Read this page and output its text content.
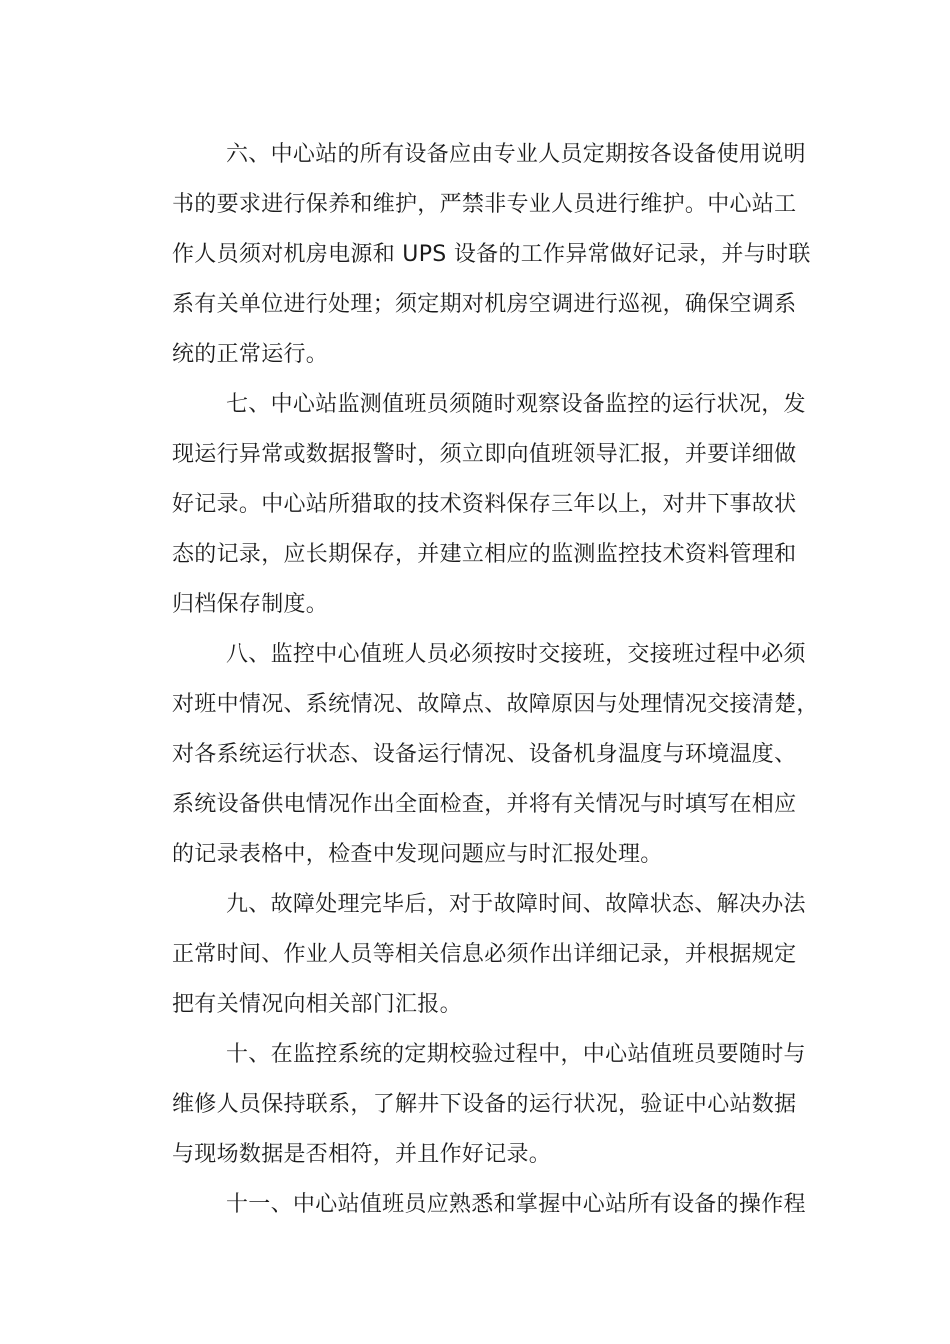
六、中心站的所有设备应由专业人员定期按各设备使用说明
书的要求进行保养和维护，严禁非专业人员进行维护。中心站工
作人员须对机房电源和 UPS 设备的工作异常做好记录，并与时联
系有关单位进行处理；须定期对机房空调进行巡视，确保空调系
统的正常运行。

七、中心站监测值班员须随时观察设备监控的运行状况，发
现运行异常或数据报警时，须立即向值班领导汇报，并要详细做
好记录。中心站所猎取的技术资料保存三年以上，对井下事故状
态的记录，应长期保存，并建立相应的监测监控技术资料管理和
归档保存制度。

八、监控中心值班人员必须按时交接班，交接班过程中必须
对班中情况、系统情况、故障点、故障原因与处理情况交接清楚，
对各系统运行状态、设备运行情况、设备机身温度与环境温度、
系统设备供电情况作出全面检查，并将有关情况与时填写在相应
的记录表格中，检查中发现问题应与时汇报处理。

九、故障处理完毕后，对于故障时间、故障状态、解决办法
正常时间、作业人员等相关信息必须作出详细记录，并根据规定
把有关情况向相关部门汇报。

十、在监控系统的定期校验过程中，中心站值班员要随时与
维修人员保持联系，了解井下设备的运行状况，验证中心站数据
与现场数据是否相符，并且作好记录。

十一、中心站值班员应熟悉和掌握中心站所有设备的操作程
